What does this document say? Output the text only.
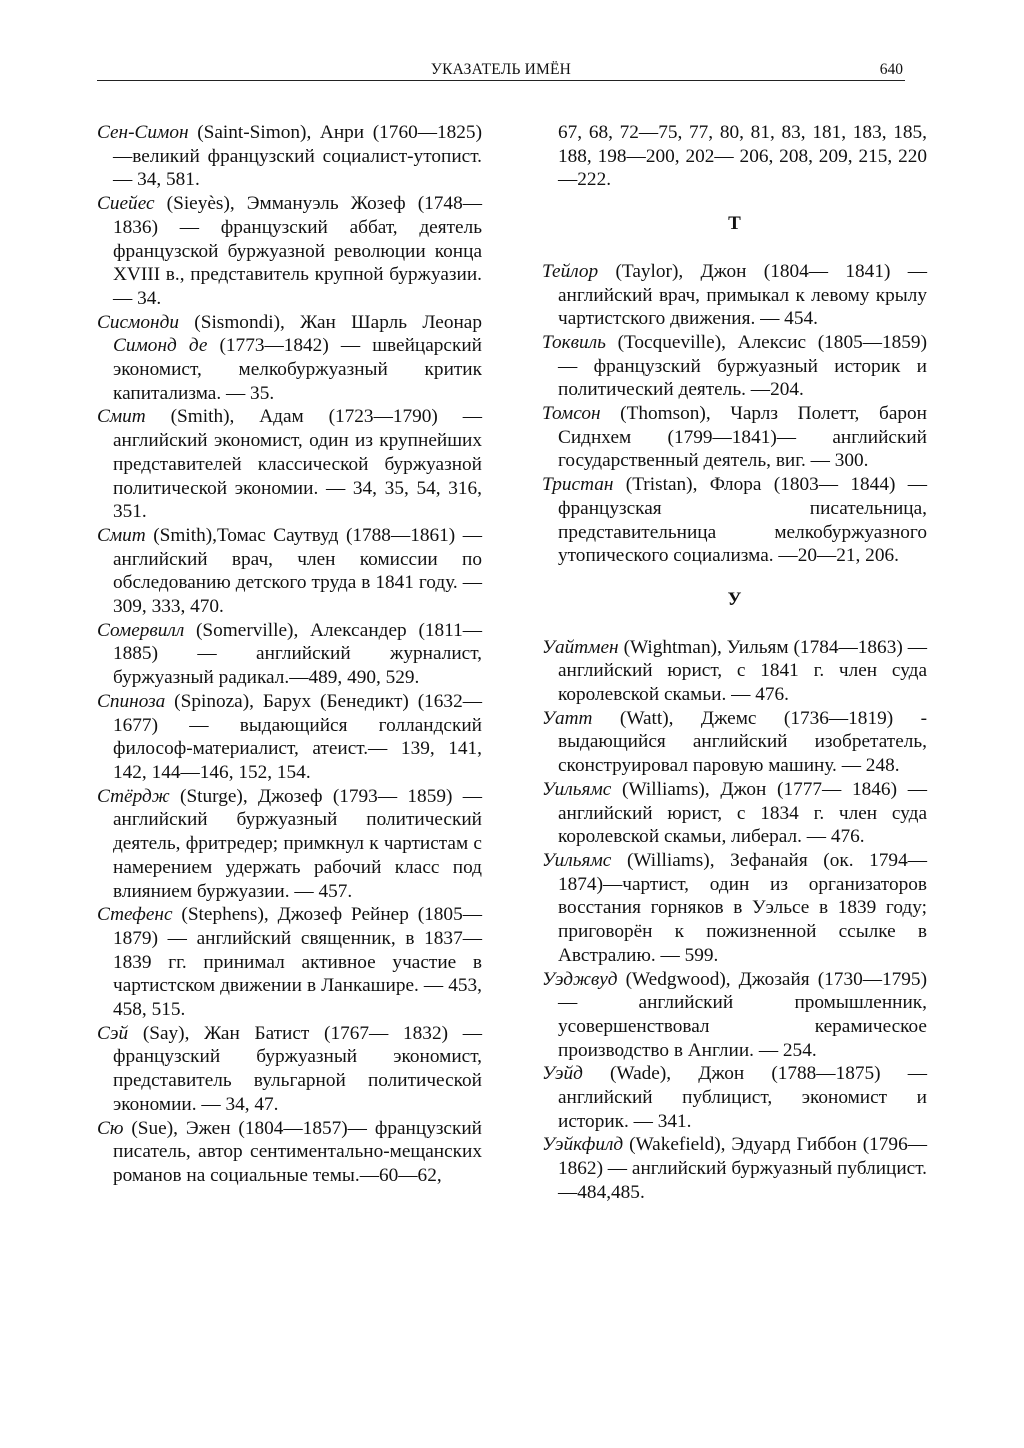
УКАЗАТЕЛЬ ИМЁН	640

Сен-Симон (Saint-Simon), Анри (1760—1825)—великий французский социалист-утопист.— 34, 581.

Сиейес (Sieyès), Эммануэль Жозеф (1748—1836) — французский аббат, деятель французской буржуазной революции конца XVIII в., представитель крупной буржуазии. — 34.

Сисмонди (Sismondi), Жан Шарль Леонар Симонд де (1773—1842) — швейцарский экономист, мелкобуржуазный критик капитализма. — 35.

Смит (Smith), Адам (1723—1790) — английский экономист, один из крупнейших представителей классической буржуазной политической экономии. — 34, 35, 54, 316, 351.

Смит (Smith),Томас Саутвуд (1788—1861) — английский врач, член комиссии по обследованию детского труда в 1841 году. — 309, 333, 470.

Сомервилл (Somerville), Александер (1811—1885) — английский журналист, буржуазный радикал.—489, 490, 529.

Спиноза (Spinoza), Барух (Бенедикт) (1632—1677) — выдающийся голландский философ-материалист, атеист.— 139, 141, 142, 144—146, 152, 154.

Стёрдж (Sturge), Джозеф (1793— 1859) — английский буржуазный политический деятель, фритредер; примкнул к чартистам с намерением удержать рабочий класс под влиянием буржуазии. — 457.

Стефенс (Stephens), Джозеф Рейнер (1805—1879) — английский священник, в 1837—1839 гг. принимал активное участие в чартистском движении в Ланкашире. — 453, 458, 515.

Сэй (Say), Жан Батист (1767— 1832) — французский буржуазный экономист, представитель вульгарной политической экономии. — 34, 47.

Сю (Sue), Эжен (1804—1857)— французский писатель, автор сентиментально-мещанских романов на социальные темы.—60—62,

67, 68, 72—75, 77, 80, 81, 83, 181, 183, 185, 188, 198—200, 202— 206, 208, 209, 215, 220—222.
Т

Тейлор (Taylor), Джон (1804— 1841) — английский врач, примыкал к левому крылу чартистского движения. — 454.

Токвиль (Tocqueville), Алексис (1805—1859) — французский буржуазный историк и политический деятель. —204.

Томсон (Thomson), Чарлз Полетт, барон Сиднхем (1799—1841)— английский государственный деятель, виг. — 300.

Тристан (Tristan), Флора (1803— 1844) — французская писательница, представительница мелкобуржуазного утопического социализма. —20—21, 206.

У

Уайтмен (Wightman), Уильям (1784—1863) — английский юрист, с 1841 г. член суда королевской скамьи. — 476.

Уатт (Watt), Джемс (1736—1819) - выдающийся английский изобретатель, сконструировал паровую машину. — 248.

Уильямс (Williams), Джон (1777— 1846) — английский юрист, с 1834 г. член суда королевской скамьи, либерал. — 476.

Уильямс (Williams), Зефанайя (ок. 1794—1874)—чартист, один из организаторов восстания горняков в Уэльсе в 1839 году; приговорён к пожизненной ссылке в Австралию. — 599.

Уэджвуд (Wedgwood), Джозайя (1730—1795) — английский промышленник, усовершенствовал керамическое производство в Англии. — 254.

Уэйд (Wade), Джон (1788—1875) — английский публицист, экономист и историк. — 341.

Уэйкфилд (Wakefield), Эдуард Гиббон (1796—1862) — английский буржуазный публицист.—484,485.
